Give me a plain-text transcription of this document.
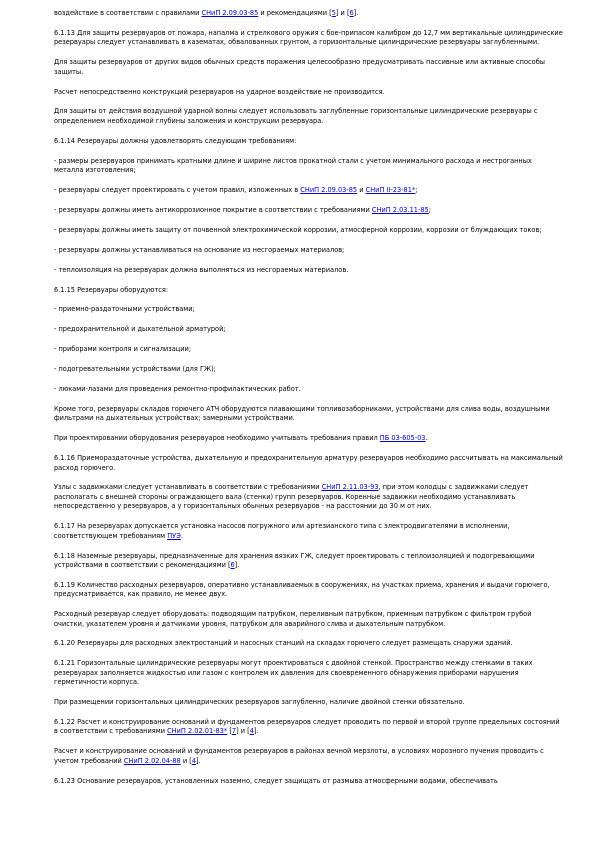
воздействие в соответствии с правилами СНиП 2.09.03-85 и рекомендациями [5] и [6].

6.1.13 Для защиты резервуаров от пожара, напалма и стрелкового оружия с бое-припасом калибром до 12,7 мм вертикальные цилиндрические резервуары следует устанавливать в казематах, обвалованных грунтом, а горизонтальные цилиндрические резервуары заглубленными.

Для защиты резервуаров от других видов обычных средств поражения целесообразно предусматривать пассивные или активные способы защиты.

Расчет непосредственно конструкций резервуаров на ударное воздействие не производится.

Для защиты от действия воздушной ударной волны следует использовать заглубленные горизонтальные цилиндрические резервуары с определением необходимой глубины заложения и конструкции резервуара.

6.1.14 Резервуары должны удовлетворять следующим требованиям:

- размеры резервуаров принимать кратными длине и ширине листов прокатной стали с учетом минимального расхода и нестроганных металла изготовления;

- резервуары следует проектировать с учетом правил, изложенных в СНиП 2.09.03-85 и СНиП II-23-81*;

- резервуары должны иметь антикоррозионное покрытие в соответствии с требованиями СНиП 2.03.11-85;

- резервуары должны иметь защиту от почвенной электрохимической коррозии, атмосферной коррозии, коррозии от блуждающих токов;

- резервуары должны устанавливаться на основание из несгораемых материалов;

- теплоизоляция на резервуарах должна выполняться из несгораемых материалов.

6.1.15 Резервуары оборудуются:

- приемно-раздаточными устройствами;

- предохранительной и дыхательной арматурой;

- приборами контроля и сигнализации;

- подогревательными устройствами (для ГЖ);

- люками-лазами для проведения ремонтно-профилактических работ.

Кроме того, резервуары складов горючего АТЧ оборудуются плавающими топливозаборниками, устройствами для слива воды, воздушными фильтрами на дыхательных устройствах; замерными устройствами.

При проектировании оборудования резервуаров необходимо учитывать требования правил ПБ 03-605-03.

6.1.16 Приемораздаточные устройства, дыхательную и предохранительную арматуру резервуаров необходимо рассчитывать на максимальный расход горючего.

Узлы с задвижками следует устанавливать в соответствии с требованиями СНиП 2.11.03-93, при этом колодцы с задвижками следует располагать с внешней стороны ограждающего вала (стенки) групп резервуаров. Коренные задвижки необходимо устанавливать непосредственно у резервуаров, а у горизонтальных обычных резервуаров - на расстоянии до 30 м от них.

6.1.17 На резервуарах допускается установка насосов погружного или артезианского типа с электродвигателями в исполнении, соответствующем требованиям ПУЭ.

6.1.18 Наземные резервуары, предназначенные для хранения вязких ГЖ, следует проектировать с теплоизоляцией и подогревающими устройствами в соответствии с рекомендациями [6].

6.1.19 Количество расходных резервуаров, оперативно устанавливаемых в сооружениях, на участках приема, хранения и выдачи горючего, предусматривается, как правило, не менее двух.

Расходный резервуар следует оборудовать: подводящим патрубком, переливным патрубком, приемным патрубком с фильтром грубой очистки, указателем уровня и датчиками уровня, патрубком для аварийного слива и дыхательным патрубком.

6.1.20 Резервуары для расходных электростанций и насосных станций на складах горючего следует размещать снаружи зданий.

6.1.21 Горизонтальные цилиндрические резервуары могут проектироваться с двойной стенкой. Пространство между стенками в таких резервуарах заполняется жидкостью или газом с контролем их давления для своевременного обнаружения приборами нарушения герметичности корпуса.

При размещении горизонтальных цилиндрических резервуаров заглубленно, наличие двойной стенки обязательно.

6.1.22 Расчет и конструирование оснований и фундаментов резервуаров следует проводить по первой и второй группе предельных состояний в соответствии с требованиями СНиП 2.02.01-83* [7] и [4].

Расчет и конструирование оснований и фундаментов резервуаров в районах вечной мерзлоты, в условиях морозного пучения проводить с учетом требований СНиП 2.02.04-88 и [4].

6.1.23 Основание резервуаров, установленных наземно, следует защищать от размыва атмосферными водами, обеспечивать
